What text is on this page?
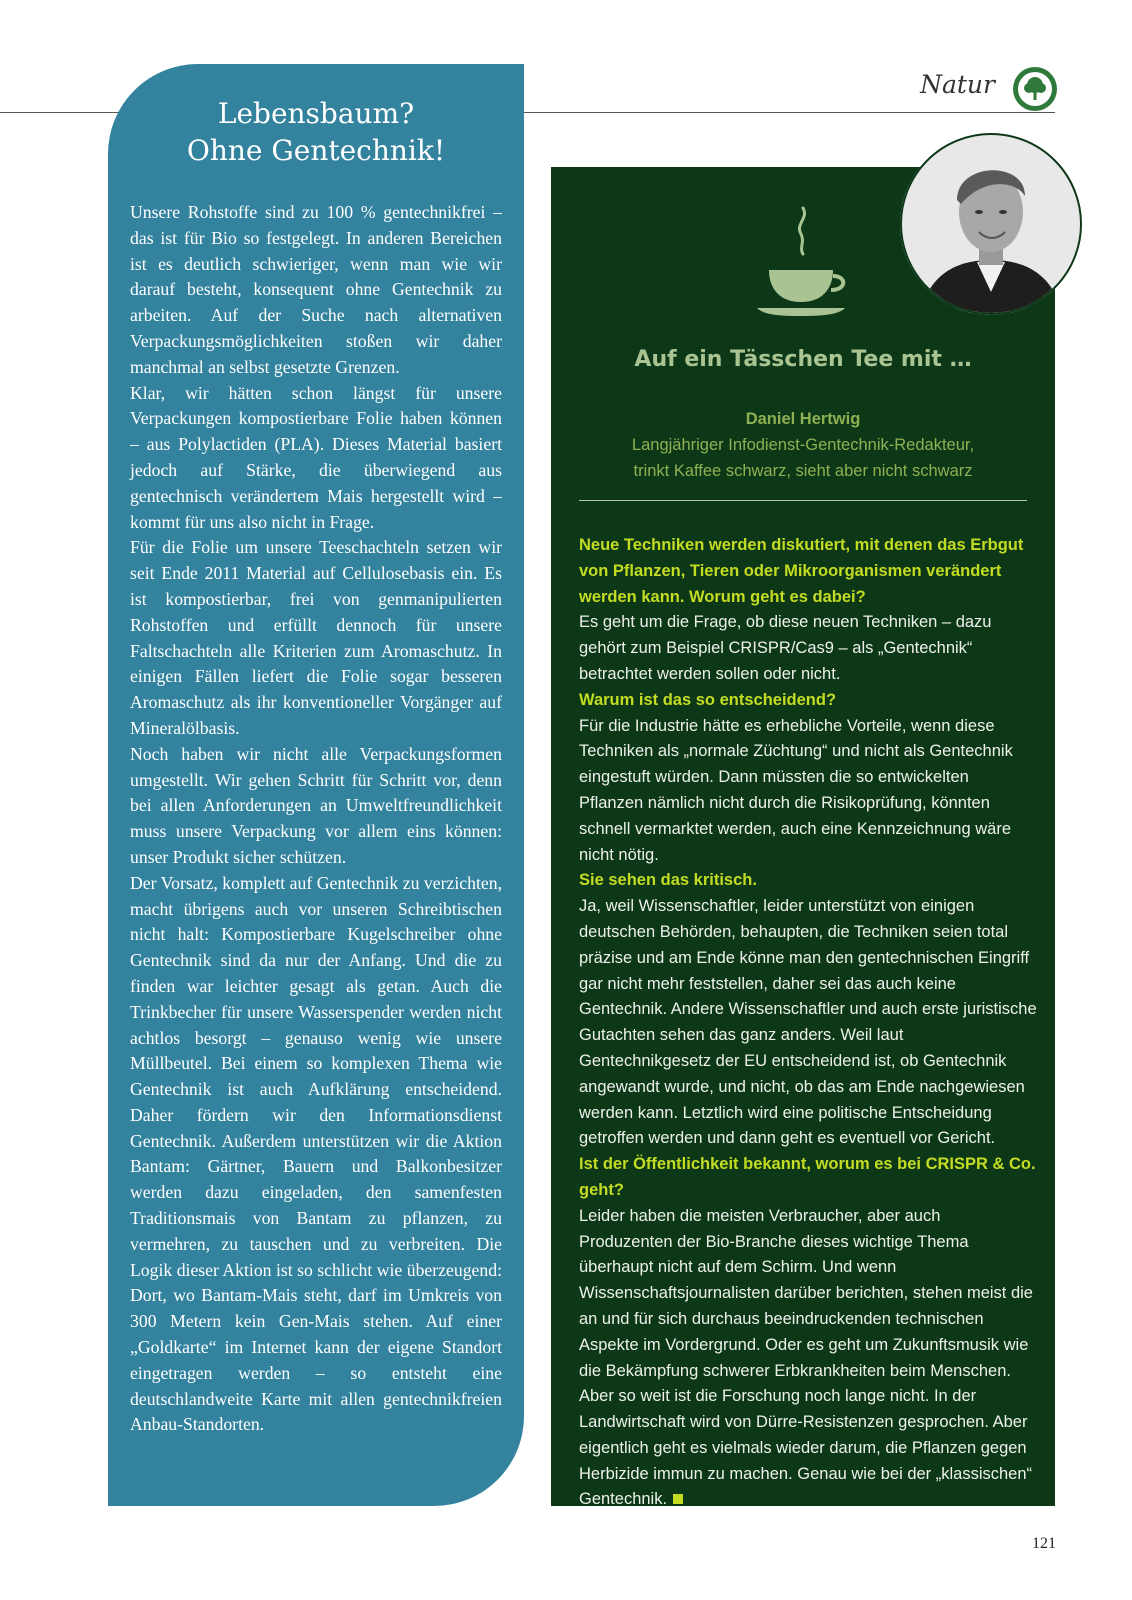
Natur
Lebensbaum?
Ohne Gentechnik!

Unsere Rohstoffe sind zu 100 % gentechnikfrei – das ist für Bio so festgelegt. In anderen Bereichen ist es deutlich schwieriger, wenn man wie wir darauf besteht, konsequent ohne Gentechnik zu arbeiten. Auf der Suche nach alternativen Verpackungsmöglichkeiten stoßen wir daher manchmal an selbst gesetzte Grenzen.

Klar, wir hätten schon längst für unsere Verpackungen kompostierbare Folie haben können – aus Polylactiden (PLA). Dieses Material basiert jedoch auf Stärke, die überwiegend aus gentechnisch verändertem Mais hergestellt wird – kommt für uns also nicht in Frage.

Für die Folie um unsere Teeschachteln setzen wir seit Ende 2011 Material auf Cellulosebasis ein. Es ist kompostierbar, frei von genmanipulierten Rohstoffen und erfüllt dennoch für unsere Faltschachteln alle Kriterien zum Aromaschutz. In einigen Fällen liefert die Folie sogar besseren Aromaschutz als ihr konventioneller Vorgänger auf Mineralölbasis.

Noch haben wir nicht alle Verpackungsformen umgestellt. Wir gehen Schritt für Schritt vor, denn bei allen Anforderungen an Umweltfreundlichkeit muss unsere Verpackung vor allem eins können: unser Produkt sicher schützen.

Der Vorsatz, komplett auf Gentechnik zu verzichten, macht übrigens auch vor unseren Schreibtischen nicht halt: Kompostierbare Kugelschreiber ohne Gentechnik sind da nur der Anfang. Und die zu finden war leichter gesagt als getan. Auch die Trinkbecher für unsere Wasserspender werden nicht achtlos besorgt – genauso wenig wie unsere Müllbeutel. Bei einem so komplexen Thema wie Gentechnik ist auch Aufklärung entscheidend. Daher fördern wir den Informationsdienst Gentechnik. Außerdem unterstützen wir die Aktion Bantam: Gärtner, Bauern und Balkonbesitzer werden dazu eingeladen, den samenfesten Traditionsmais von Bantam zu pflanzen, zu vermehren, zu tauschen und zu verbreiten. Die Logik dieser Aktion ist so schlicht wie überzeugend: Dort, wo Bantam-Mais steht, darf im Umkreis von 300 Metern kein Gen-Mais stehen. Auf einer „Goldkarte“ im Internet kann der eigene Standort eingetragen werden – so entsteht eine deutschlandweite Karte mit allen gentechnikfreien Anbau-Standorten.

Auf ein Tässchen Tee mit …
Daniel Hertwig
Langjähriger Infodienst-Gentechnik-Redakteur,
trinkt Kaffee schwarz, sieht aber nicht schwarz

Neue Techniken werden diskutiert, mit denen das Erbgut von Pflanzen, Tieren oder Mikroorganismen verändert werden kann. Worum geht es dabei?

Es geht um die Frage, ob diese neuen Techniken – dazu gehört zum Beispiel CRISPR/Cas9 – als „Gentechnik“ betrachtet werden sollen oder nicht.

Warum ist das so entscheidend?

Für die Industrie hätte es erhebliche Vorteile, wenn diese Techniken als „normale Züchtung“ und nicht als Gentechnik eingestuft würden. Dann müssten die so entwickelten Pflanzen nämlich nicht durch die Risikoprüfung, könnten schnell vermarktet werden, auch eine Kennzeichnung wäre nicht nötig.

Sie sehen das kritisch.

Ja, weil Wissenschaftler, leider unterstützt von einigen deutschen Behörden, behaupten, die Techniken seien total präzise und am Ende könne man den gentechnischen Eingriff gar nicht mehr feststellen, daher sei das auch keine Gentechnik. Andere Wissenschaftler und auch erste juristische Gutachten sehen das ganz anders. Weil laut Gentechnikgesetz der EU entscheidend ist, ob Gentechnik angewandt wurde, und nicht, ob das am Ende nachgewiesen werden kann. Letztlich wird eine politische Entscheidung getroffen werden und dann geht es eventuell vor Gericht.

Ist der Öffentlichkeit bekannt, worum es bei CRISPR & Co. geht?

Leider haben die meisten Verbraucher, aber auch Produzenten der Bio-Branche dieses wichtige Thema überhaupt nicht auf dem Schirm. Und wenn Wissenschaftsjournalisten darüber berichten, stehen meist die an und für sich durchaus beeindruckenden technischen Aspekte im Vordergrund. Oder es geht um Zukunftsmusik wie die Bekämpfung schwerer Erbkrankheiten beim Menschen. Aber so weit ist die Forschung noch lange nicht. In der Landwirtschaft wird von Dürre-Resistenzen gesprochen. Aber eigentlich geht es vielmals wieder darum, die Pflanzen gegen Herbizide immun zu machen. Genau wie bei der „klassischen“ Gentechnik.

121
